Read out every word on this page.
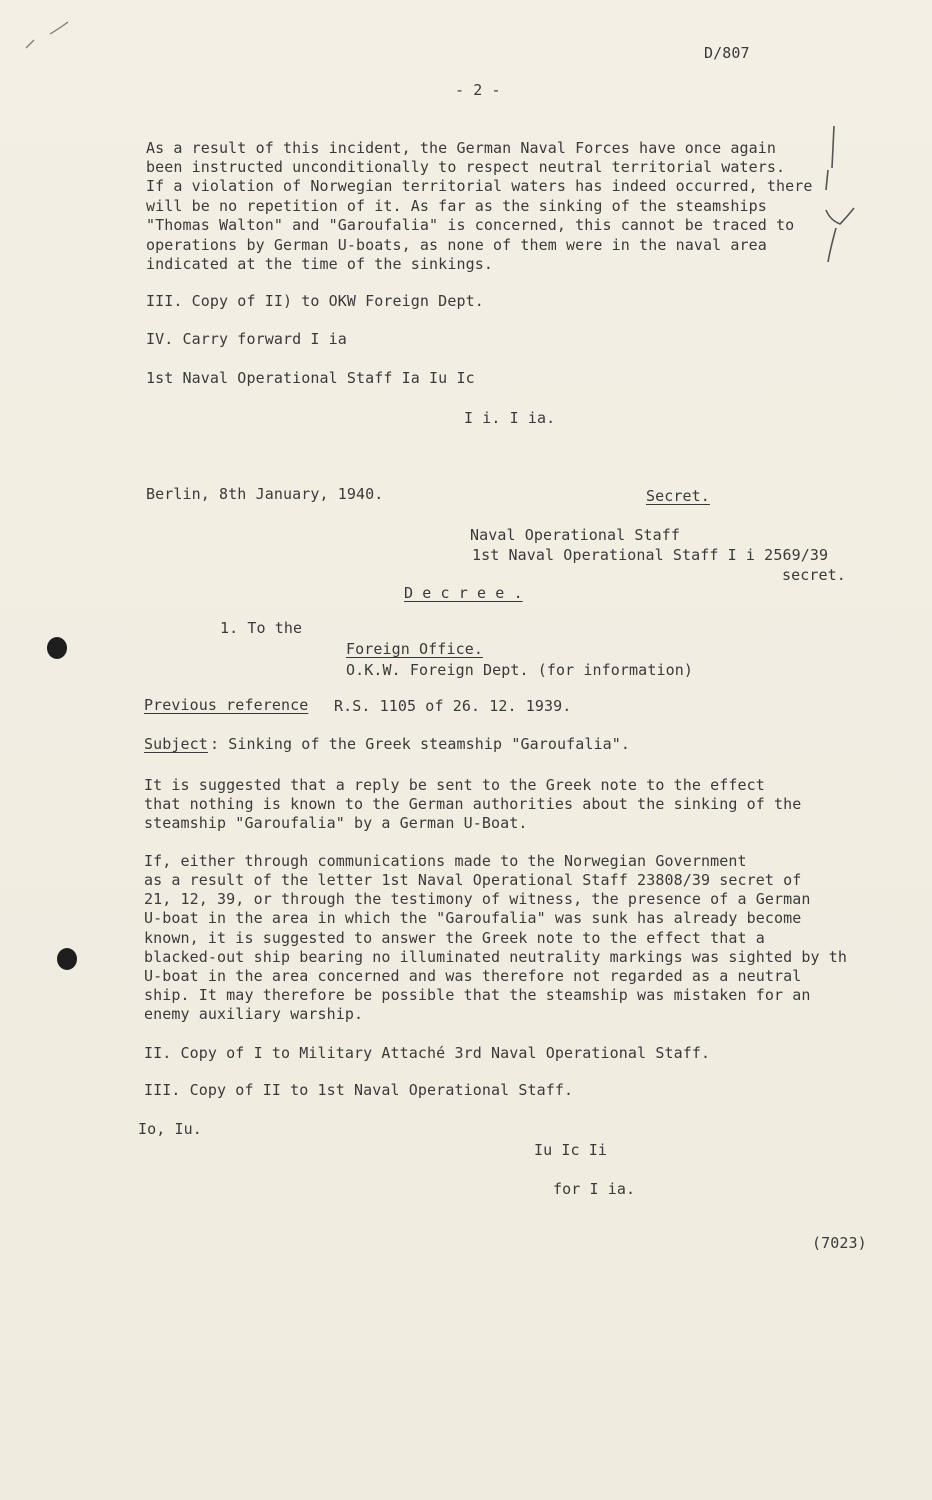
D/807
- 2 -
As a result of this incident, the German Naval Forces have once again
been instructed unconditionally to respect neutral territorial waters.
If a violation of Norwegian territorial waters has indeed occurred, there
will be no repetition of it. As far as the sinking of the steamships
"Thomas Walton" and "Garoufalia" is concerned, this cannot be traced to
operations by German U-boats, as none of them were in the naval area
indicated at the time of the sinkings.
III. Copy of II) to OKW Foreign Dept.
IV. Carry forward I ia
1st Naval Operational Staff Ia Iu Ic
I i. I ia.
Berlin, 8th January, 1940.	Secret.
Naval Operational Staff
1st Naval Operational Staff I i 2569/39
secret.
D e c r e e .
1. To the
Foreign Office.
O.K.W. Foreign Dept. (for information)
Previous reference R.S. 1105 of 26. 12. 1939.
Subject : Sinking of the Greek steamship "Garoufalia".
It is suggested that a reply be sent to the Greek note to the effect
that nothing is known to the German authorities about the sinking of the
steamship "Garoufalia" by a German U-Boat.
If, either through communications made to the Norwegian Government
as a result of the letter 1st Naval Operational Staff 23808/39 secret of
21, 12, 39, or through the testimony of witness, the presence of a German
U-boat in the area in which the "Garoufalia" was sunk has already become
known, it is suggested to answer the Greek note to the effect that a
blacked-out ship bearing no illuminated neutrality markings was sighted by th
U-boat in the area concerned and was therefore not regarded as a neutral
ship. It may therefore be possible that the steamship was mistaken for an
enemy auxiliary warship.
II. Copy of I to Military Attaché 3rd Naval Operational Staff.
III. Copy of II to 1st Naval Operational Staff.
Io, Iu.
Iu Ic Ii
for I ia.
(7023)
